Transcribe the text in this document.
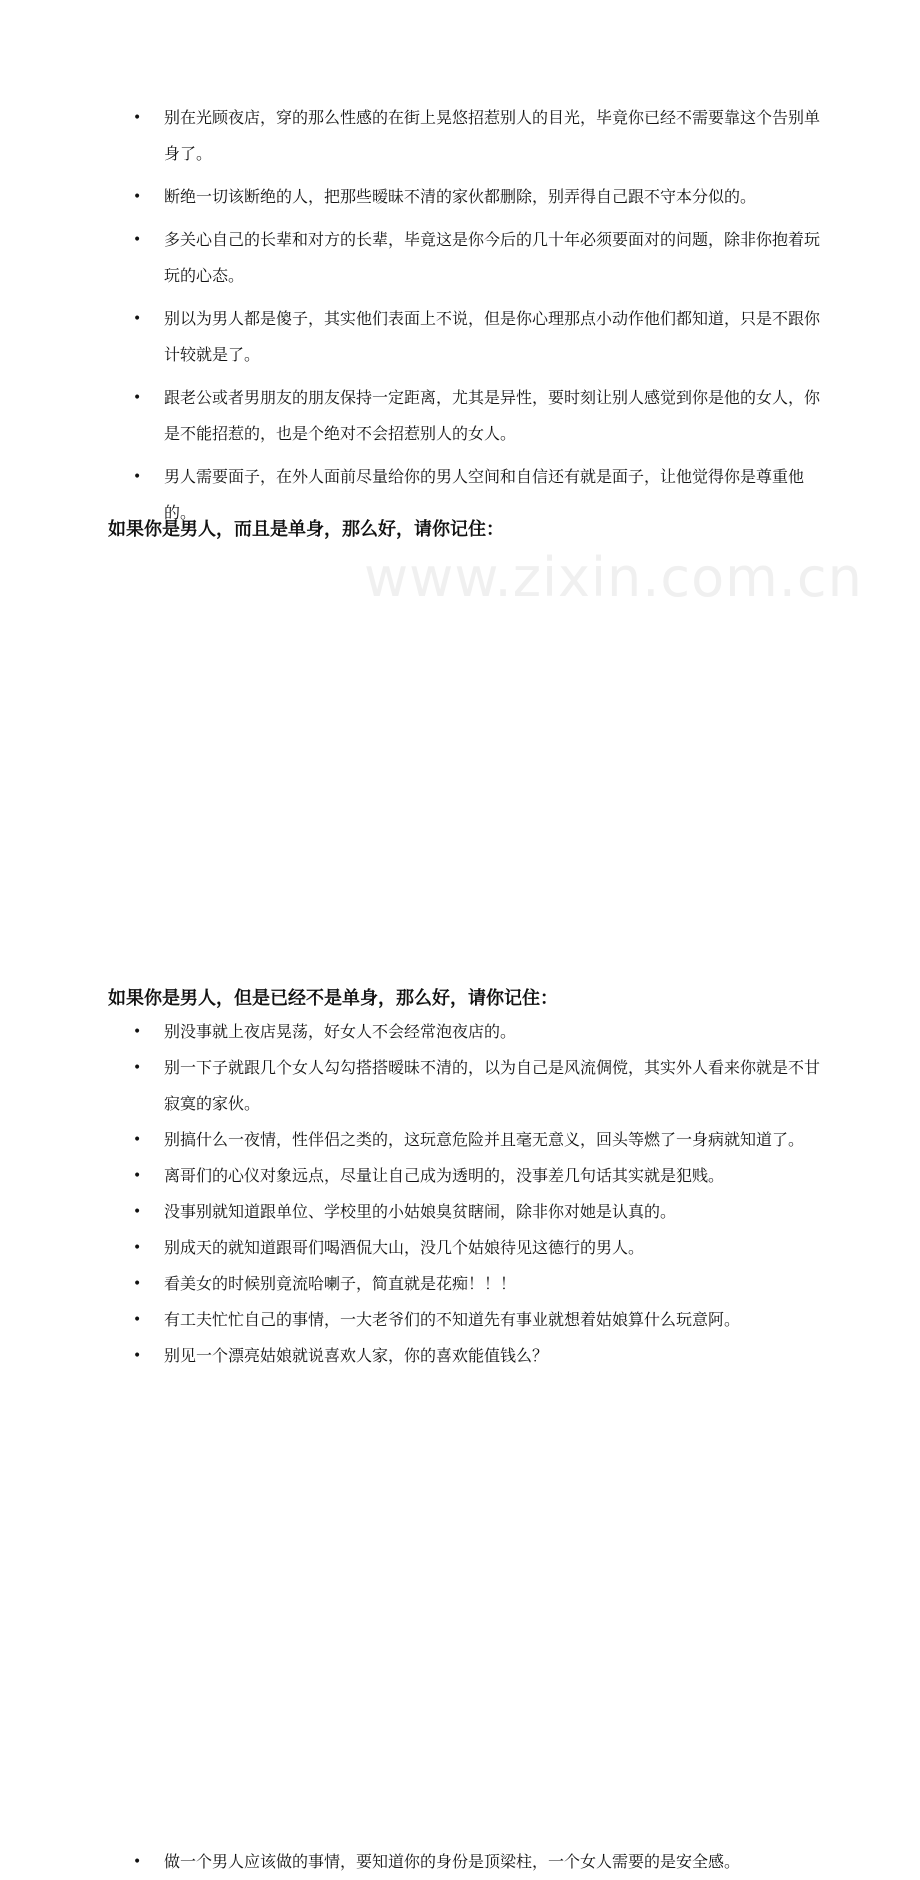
www.zixin.com.cn
• 别在光顾夜店，穿的那么性感的在街上晃悠招惹别人的目光，毕竟你已经不需要靠这个告别单身了。
• 断绝一切该断绝的人，把那些暧昧不清的家伙都删除，别弄得自己跟不守本分似的。
• 多关心自己的长辈和对方的长辈，毕竟这是你今后的几十年必须要面对的问题，除非你抱着玩玩的心态。
• 别以为男人都是傻子，其实他们表面上不说，但是你心理那点小动作他们都知道，只是不跟你计较就是了。
• 跟老公或者男朋友的朋友保持一定距离，尤其是异性，要时刻让别人感觉到你是他的女人，你是不能招惹的，也是个绝对不会招惹别人的女人。
• 男人需要面子，在外人面前尽量给你的男人空间和自信还有就是面子，让他觉得你是尊重他的。
如果你是男人，而且是单身，那么好，请你记住：
• 别没事就上夜店晃荡，好女人不会经常泡夜店的。
• 别一下子就跟几个女人勾勾搭搭暧昧不清的，以为自己是风流倜傥，其实外人看来你就是不甘寂寞的家伙。
• 别搞什么一夜情，性伴侣之类的，这玩意危险并且毫无意义，回头等燃了一身病就知道了。
• 离哥们的心仪对象远点，尽量让自己成为透明的，没事差几句话其实就是犯贱。
• 没事别就知道跟单位、学校里的小姑娘臭贫瞎闹，除非你对她是认真的。
• 别成天的就知道跟哥们喝酒侃大山，没几个姑娘待见这德行的男人。
• 看美女的时候别竟流哈喇子，简直就是花痴！！！
• 有工夫忙忙自己的事情，一大老爷们的不知道先有事业就想着姑娘算什么玩意阿。
• 别见一个漂亮姑娘就说喜欢人家，你的喜欢能值钱么？
如果你是男人，但是已经不是单身，那么好，请你记住：
• 做一个男人应该做的事情，要知道你的身份是顶梁柱，一个女人需要的是安全感。
